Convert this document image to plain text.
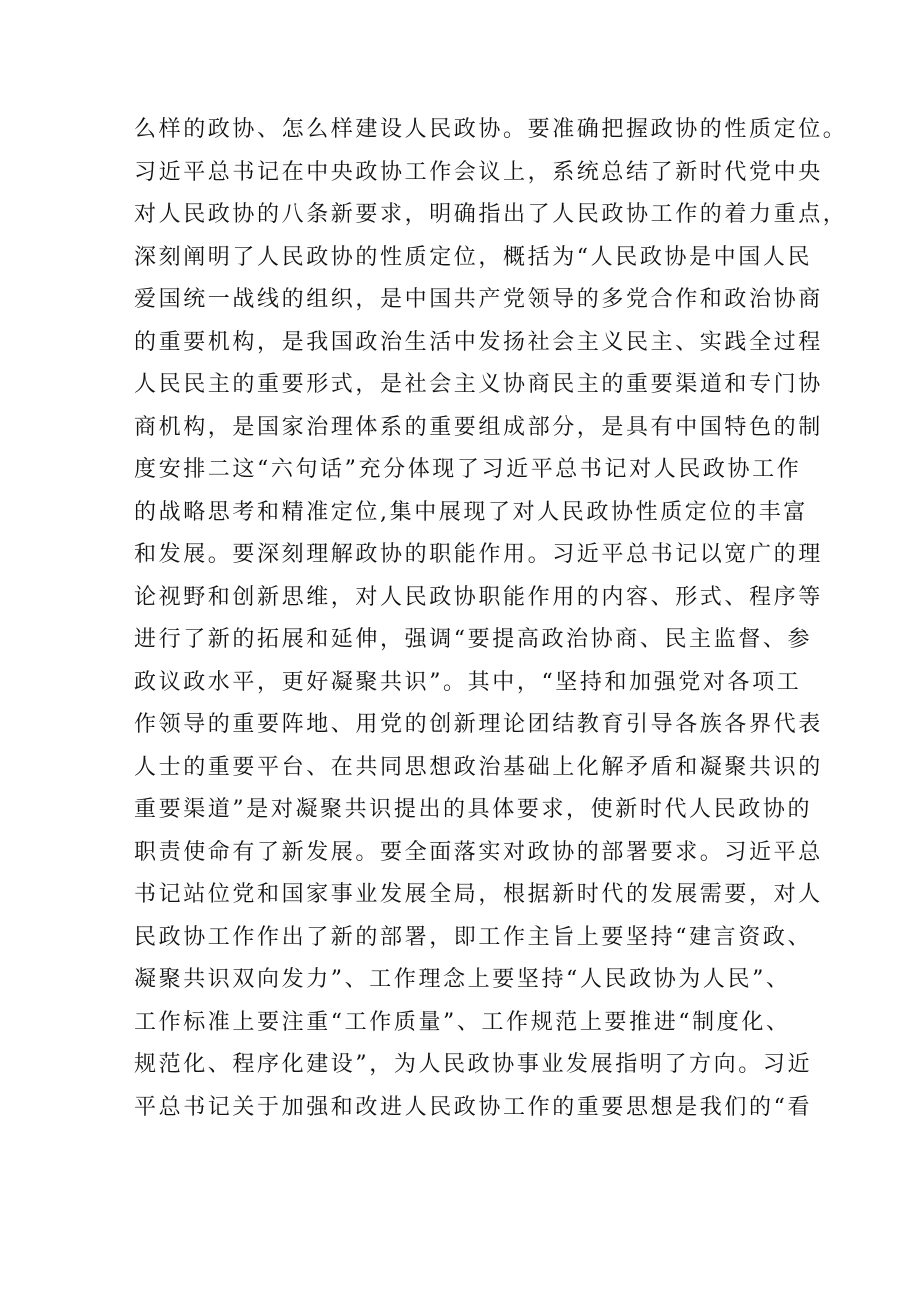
么样的政协、怎么样建设人民政协。要准确把握政协的性质定位。
习近平总书记在中央政协工作会议上，系统总结了新时代党中央
对人民政协的八条新要求，明确指出了人民政协工作的着力重点，
深刻阐明了人民政协的性质定位，概括为“人民政协是中国人民
爱国统一战线的组织，是中国共产党领导的多党合作和政治协商
的重要机构，是我国政治生活中发扬社会主义民主、实践全过程
人民民主的重要形式，是社会主义协商民主的重要渠道和专门协
商机构，是国家治理体系的重要组成部分，是具有中国特色的制
度安排二这“六句话”充分体现了习近平总书记对人民政协工作
的战略思考和精准定位,集中展现了对人民政协性质定位的丰富
和发展。要深刻理解政协的职能作用。习近平总书记以宽广的理
论视野和创新思维，对人民政协职能作用的内容、形式、程序等
进行了新的拓展和延伸，强调“要提高政治协商、民主监督、参
政议政水平，更好凝聚共识”。其中，“坚持和加强党对各项工
作领导的重要阵地、用党的创新理论团结教育引导各族各界代表
人士的重要平台、在共同思想政治基础上化解矛盾和凝聚共识的
重要渠道”是对凝聚共识提出的具体要求，使新时代人民政协的
职责使命有了新发展。要全面落实对政协的部署要求。习近平总
书记站位党和国家事业发展全局，根据新时代的发展需要，对人
民政协工作作出了新的部署，即工作主旨上要坚持“建言资政、
凝聚共识双向发力”、工作理念上要坚持“人民政协为人民”、
工作标准上要注重“工作质量”、工作规范上要推进“制度化、
规范化、程序化建设”，为人民政协事业发展指明了方向。习近
平总书记关于加强和改进人民政协工作的重要思想是我们的“看
